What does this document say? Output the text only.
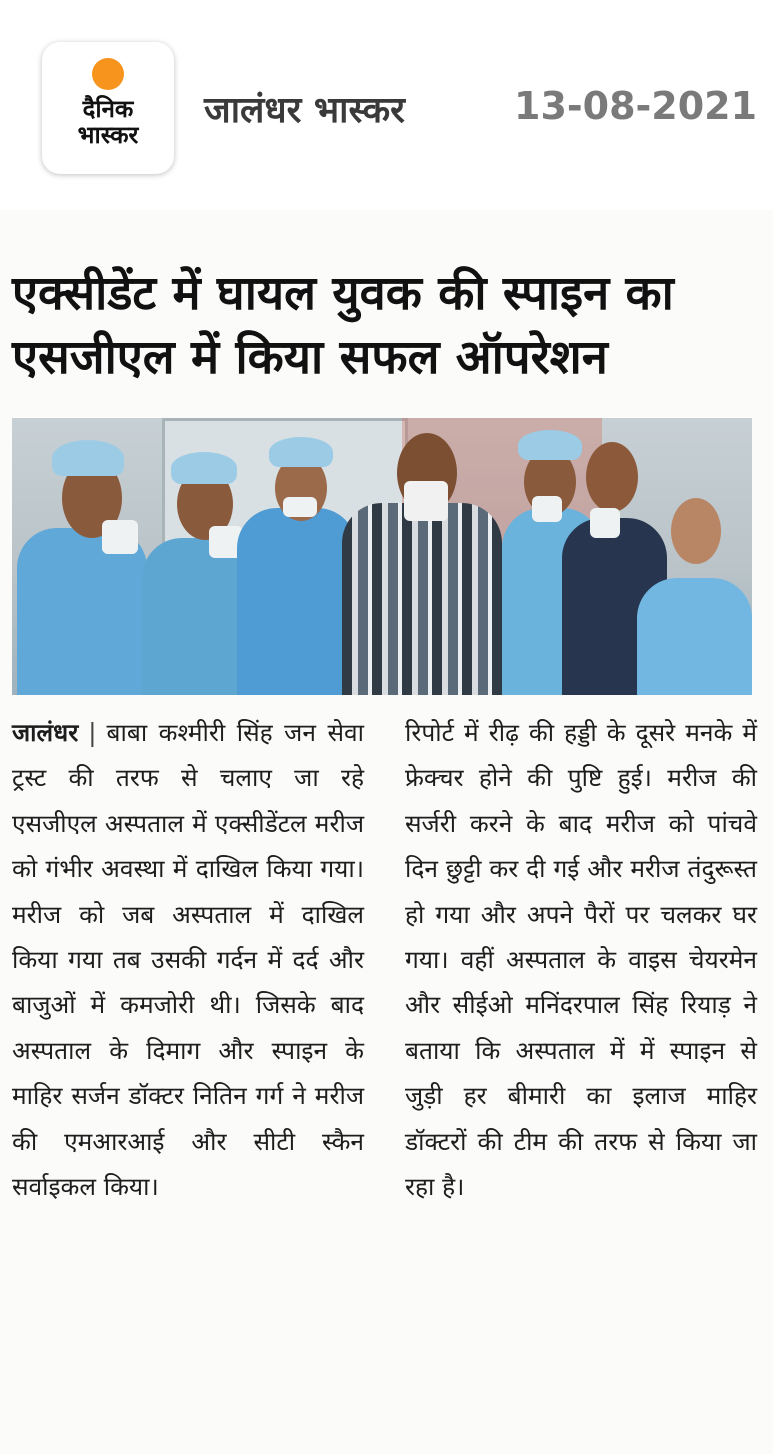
दैनिक
भास्कर
जालंधर भास्कर	13-08-2021
एक्सीडेंट में घायल युवक की स्पाइन का एसजीएल में किया सफल ऑपरेशन
जालंधर | बाबा कश्मीरी सिंह जन सेवा ट्रस्ट की तरफ से चलाए जा रहे एसजीएल अस्पताल में एक्सीडेंटल मरीज को गंभीर अवस्था में दाखिल किया गया। मरीज को जब अस्पताल में दाखिल किया गया तब उसकी गर्दन में दर्द और बाजुओं में कमजोरी थी। जिसके बाद अस्पताल के दिमाग और स्पाइन के माहिर सर्जन डॉक्टर नितिन गर्ग ने मरीज की एमआरआई और सीटी स्कैन सर्वाइकल किया।
रिपोर्ट में रीढ़ की हड्डी के दूसरे मनके में फ्रेक्चर होने की पुष्टि हुई। मरीज की सर्जरी करने के बाद मरीज को पांचवे दिन छुट्टी कर दी गई और मरीज तंदुरूस्त हो गया और अपने पैरों पर चलकर घर गया। वहीं अस्पताल के वाइस चेयरमेन और सीईओ मनिंदरपाल सिंह रियाड़ ने बताया कि अस्पताल में में स्पाइन से जुड़ी हर बीमारी का इलाज माहिर डॉक्टरों की टीम की तरफ से किया जा रहा है।
